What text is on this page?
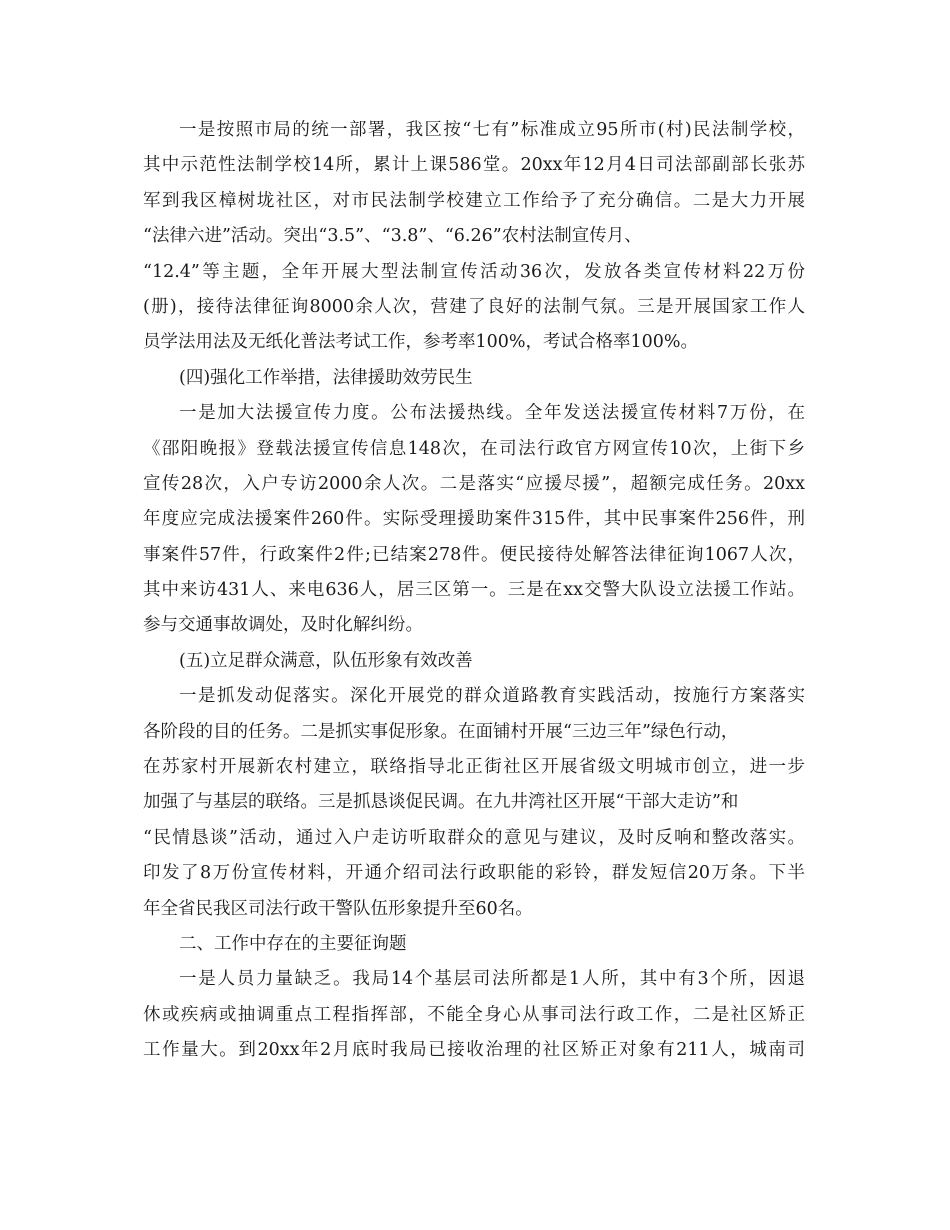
一是按照市局的统一部署，我区按“七有”标准成立95所市(村)民法制学校，
其中示范性法制学校14所，累计上课586堂。20xx年12月4日司法部副部长张苏
军到我区樟树垅社区，对市民法制学校建立工作给予了充分确信。二是大力开展
“法律六进”活动。突出“3.5”、“3.8”、“6.26”农村法制宣传月、
“12.4”等主题，全年开展大型法制宣传活动36次，发放各类宣传材料22万份
(册)，接待法律征询8000余人次，营建了良好的法制气氛。三是开展国家工作人
员学法用法及无纸化普法考试工作，参考率100%，考试合格率100%。
(四)强化工作举措，法律援助效劳民生
一是加大法援宣传力度。公布法援热线。全年发送法援宣传材料7万份，在
《邵阳晚报》登载法援宣传信息148次，在司法行政官方网宣传10次，上街下乡
宣传28次，入户专访2000余人次。二是落实“应援尽援”，超额完成任务。20xx
年度应完成法援案件260件。实际受理援助案件315件，其中民事案件256件，刑
事案件57件，行政案件2件;已结案278件。便民接待处解答法律征询1067人次，
其中来访431人、来电636人，居三区第一。三是在xx交警大队设立法援工作站。
参与交通事故调处，及时化解纠纷。
(五)立足群众满意，队伍形象有效改善
一是抓发动促落实。深化开展党的群众道路教育实践活动，按施行方案落实
各阶段的目的任务。二是抓实事促形象。在面铺村开展“三边三年”绿色行动，
在苏家村开展新农村建立，联络指导北正街社区开展省级文明城市创立，进一步
加强了与基层的联络。三是抓恳谈促民调。在九井湾社区开展“干部大走访”和
“民情恳谈”活动，通过入户走访听取群众的意见与建议，及时反响和整改落实。
印发了8万份宣传材料，开通介绍司法行政职能的彩铃，群发短信20万条。下半
年全省民我区司法行政干警队伍形象提升至60名。
二、工作中存在的主要征询题
一是人员力量缺乏。我局14个基层司法所都是1人所，其中有3个所，因退
休或疾病或抽调重点工程指挥部，不能全身心从事司法行政工作，二是社区矫正
工作量大。到20xx年2月底时我局已接收治理的社区矫正对象有211人，城南司
